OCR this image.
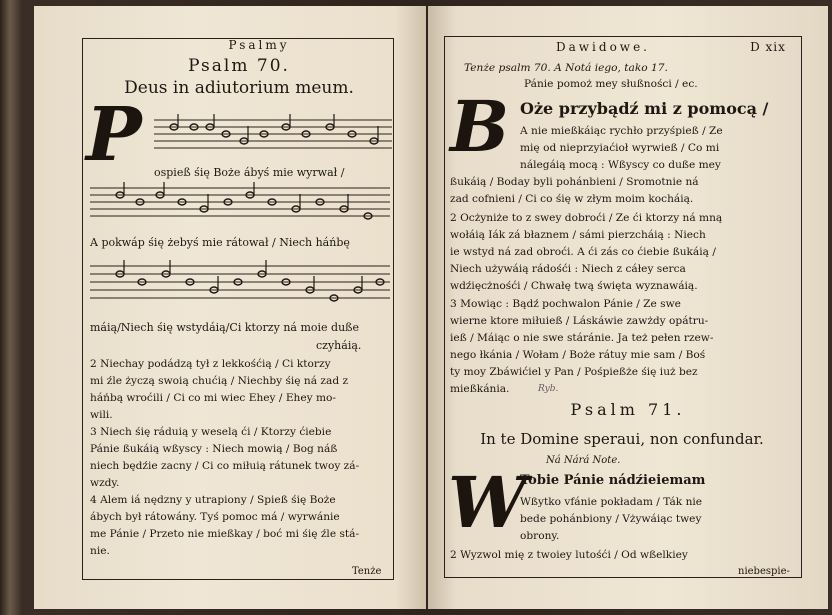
Psalmy
Psalm 70.
Deus in adiutorium meum.
P ospieß śię Boże ábyś mie wyrwał /
A pokwáp śię żebyś mie rátował / Niech háńbę
máią/Niech śię wstydáią/Ci ktorzy ná moie duße
czyháią.
2 Niechay podádzą tył z lekkośćią / Ci ktorzy
mi źle życzą swoią chućią / Niechby śię ná zad z
háńbą wroćili / Ci co mi wiec Ehey / Ehey mo-
wili.
3 Niech śię ráduią y weselą ći / Ktorzy ćiebie
Pánie ßukáią wßyscy : Niech mowią / Bog náß
niech będźie zacny / Ci co miłuią rátunek twoy zá-
wzdy.
4 Alem iá nędzny y utrapiony / Spieß śię Boże
ábych był rátowány. Tyś pomoc má / wyrwánie
me Pánie / Przeto nie mießkay / boć mi śię źle stá-
nie.
Tenże
Dawidowe.	D xix
Tenże psalm 70. A Notá iego, tako 17.
Pánie pomoż mey słußności / ec.
B Oże przybądź mi z pomocą /
A nie mießkáiąc rychło przyśpieß / Ze
mię od nieprzyiaćioł wyrwieß / Co mi
nálegáią mocą : Wßyscy co duße mey
ßukáią / Boday byli pohánbieni / Sromotnie ná
zad cofnieni / Ci co śię w złym moim kocháią.
2 Ocżyniże to z swey dobroći / Ze ći ktorzy ná mną
wołáią Iák zá błaznem / sámi pierzcháią : Niech
ie wstyd ná zad obroći. A ći zás co ćiebie ßukáią /
Niech używáią rádośći : Niech z cáłey serca
wdźięcżnośći / Chwałę twą święta wyznawáią.
3 Mowiąc : Bądź pochwalon Pánie / Ze swe
wierne ktore miłuieß / Láskáwie zawżdy opátru-
ieß / Máiąc o nie swe stáránie. Ja też pełen rzew-
nego łkánia / Wołam / Boże rátuy mie sam / Boś
ty moy Zbáwićiel y Pan / Pośpießże śię iuż bez
mießkánia.	Ryb.
Psalm 71.
In te Domine speraui, non confundar.
Ná Nárá Note.
W
Tobie Pánie nádźieiemam
Wßytko vfánie pokładam / Ták nie
bede pohánbiony / Vżywáiąc twey
obrony.
2 Wyzwol mię z twoiey lutośći / Od wßelkiey
niebespie-
